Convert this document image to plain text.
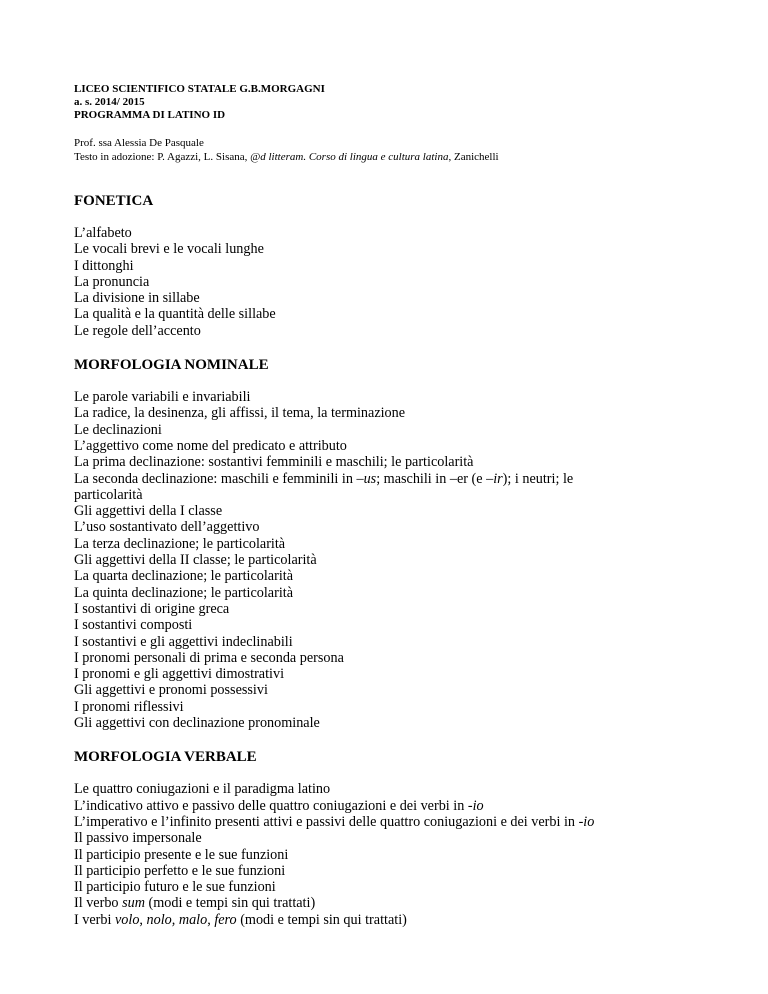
LICEO SCIENTIFICO STATALE G.B.MORGAGNI
a. s. 2014/ 2015
PROGRAMMA DI LATINO ID
Prof. ssa Alessia De Pasquale
Testo in adozione: P. Agazzi, L. Sisana, @d litteram. Corso di lingua e cultura latina, Zanichelli
FONETICA
L’alfabeto
Le vocali brevi e le vocali lunghe
I dittonghi
La pronuncia
La divisione in sillabe
La qualità e la quantità delle sillabe
Le regole dell’accento
MORFOLOGIA NOMINALE
Le parole variabili e invariabili
La radice, la desinenza, gli affissi, il tema, la terminazione
Le declinazioni
L’aggettivo come nome del predicato e attributo
La prima declinazione: sostantivi femminili e maschili; le particolarità
La seconda declinazione: maschili e femminili in –us; maschili in –er (e –ir); i neutri; le particolarità
Gli aggettivi della I classe
L’uso sostantivato dell’aggettivo
La terza declinazione; le particolarità
Gli aggettivi della II classe; le particolarità
La quarta declinazione; le particolarità
La quinta declinazione; le particolarità
I sostantivi di origine greca
I sostantivi composti
I sostantivi e gli aggettivi indeclinabili
I pronomi personali di prima e seconda persona
I pronomi e gli aggettivi dimostrativi
Gli aggettivi e pronomi possessivi
I pronomi riflessivi
Gli aggettivi con declinazione pronominale
MORFOLOGIA VERBALE
Le quattro coniugazioni e il paradigma latino
L’indicativo attivo e passivo delle quattro coniugazioni e dei verbi in -io
L’imperativo e l’infinito presenti attivi e passivi delle quattro coniugazioni e dei verbi in -io
Il passivo impersonale
Il participio presente e le sue funzioni
Il participio perfetto e le sue funzioni
Il participio futuro e le sue funzioni
Il verbo sum (modi e tempi sin qui trattati)
I verbi volo, nolo, malo, fero (modi e tempi sin qui trattati)
